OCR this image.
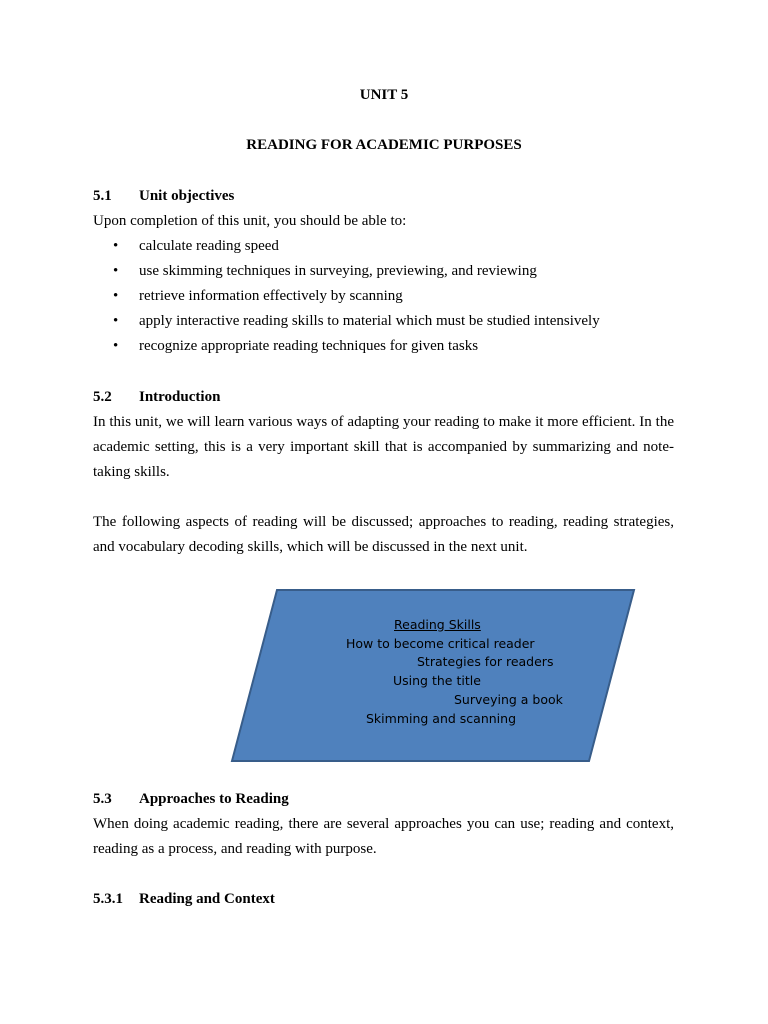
UNIT 5
READING FOR ACADEMIC PURPOSES
5.1 Unit objectives
Upon completion of this unit, you should be able to:
• calculate reading speed
• use skimming techniques in surveying, previewing, and reviewing
• retrieve information effectively by scanning
• apply interactive reading skills to material which must be studied intensively
• recognize appropriate reading techniques for given tasks
5.2 Introduction
In this unit, we will learn various ways of adapting your reading to make it more efficient. In the academic setting, this is a very important skill that is accompanied by summarizing and note-taking skills.
The following aspects of reading will be discussed; approaches to reading, reading strategies, and vocabulary decoding skills, which will be discussed in the next unit.
Reading Skills
How to become critical reader
Strategies for readers
Using the title
Surveying a book
Skimming and scanning
5.3 Approaches to Reading
When doing academic reading, there are several approaches you can use; reading and context, reading as a process, and reading with purpose.
5.3.1 Reading and Context
